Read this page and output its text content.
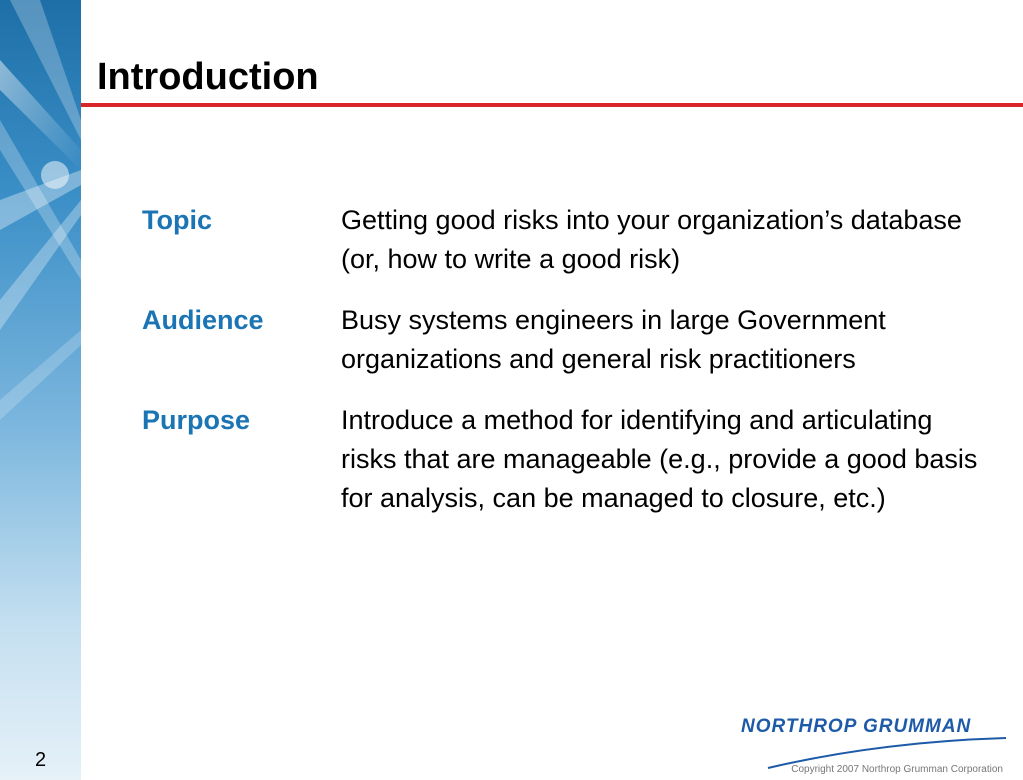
2
Introduction
Topic	Getting good risks into your organization’s database (or, how to write a good risk)
Audience	Busy systems engineers in large Government organizations and general risk practitioners
Purpose	Introduce a method for identifying and articulating risks that are manageable (e.g., provide a good basis for analysis, can be managed to closure, etc.)
NORTHROP GRUMMAN
Copyright 2007 Northrop Grumman Corporation
